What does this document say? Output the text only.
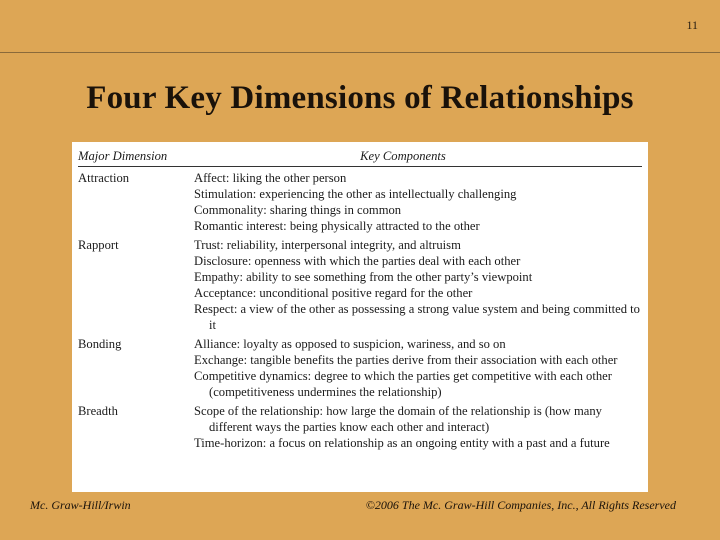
11
Four Key Dimensions of Relationships
Major Dimension	Key Components
Attraction	Affect: liking the other person
Stimulation: experiencing the other as intellectually challenging
Commonality: sharing things in common
Romantic interest: being physically attracted to the other
Rapport	Trust: reliability, interpersonal integrity, and altruism
Disclosure: openness with which the parties deal with each other
Empathy: ability to see something from the other party’s viewpoint
Acceptance: unconditional positive regard for the other
Respect: a view of the other as possessing a strong value system and being committed to it
Bonding	Alliance: loyalty as opposed to suspicion, wariness, and so on
Exchange: tangible benefits the parties derive from their association with each other
Competitive dynamics: degree to which the parties get competitive with each other (competitiveness undermines the relationship)
Breadth	Scope of the relationship: how large the domain of the relationship is (how many different ways the parties know each other and interact)
Time-horizon: a focus on relationship as an ongoing entity with a past and a future
Mc. Graw-Hill/Irwin	©2006 The Mc. Graw-Hill Companies, Inc., All Rights Reserved
